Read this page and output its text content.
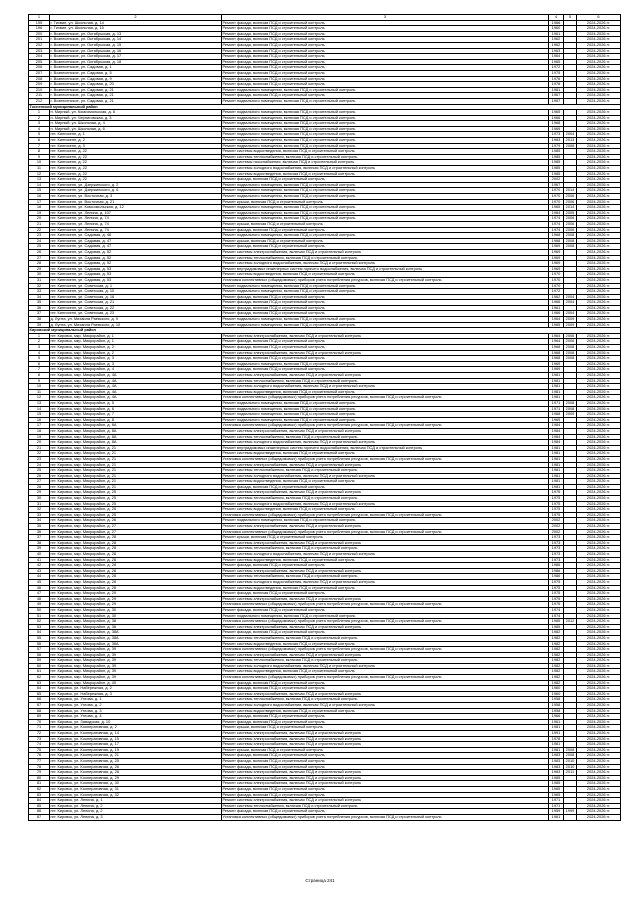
1	2	3	4	5	6
195	г. Тихвин, ул. Школьная, д. 14	Ремонт фасада, включая ПСД и строительный контроль	1966		2024-2026 гг.
196	г. Тихвин, ул. Школьная, д. 15	Ремонт фасада, включая ПСД и строительный контроль	1960		2024-2026 гг.
200	г. Вознесенское, ул. Октябрьская, д. 13	Ремонт фасада, включая ПСД и строительный контроль	1961		2024-2026 гг.
201	г. Вознесенское, ул. Октябрьская, д. 14	Ремонт фасада, включая ПСД и строительный контроль	1962		2024-2026 гг.
202	г. Вознесенское, ул. Октябрьская, д. 15	Ремонт фасада, включая ПСД и строительный контроль	1962		2024-2026 гг.
203	г. Вознесенское, ул. Октябрьская, д. 16	Ремонт фасада, включая ПСД и строительный контроль	1963		2024-2026 гг.
204	г. Вознесенское, ул. Октябрьская, д. 17	Ремонт фасада, включая ПСД и строительный контроль	1964		2024-2026 гг.
205	г. Вознесенское, ул. Октябрьская, д. 18	Ремонт фасада, включая ПСД и строительный контроль	1965		2024-2026 гг.
206	г. Вознесенское, ул. Садовая, д. 1	Ремонт фасада, включая ПСД и строительный контроль	1972		2024-2026 гг.
207	г. Вознесенское, ул. Садовая, д. 5	Ремонт фасада, включая ПСД и строительный контроль	1975		2024-2026 гг.
208	г. Вознесенское, ул. Садовая, д. 9	Ремонт фасада, включая ПСД и строительный контроль	1976		2024-2026 гг.
209	г. Вознесенское, ул. Садовая, д. 20	Ремонт фасада, включая ПСД и строительный контроль	1978		2024-2026 гг.
210	г. Вознесенское, ул. Садовая, д. 21	Ремонт подвального помещения, включая ПСД и строительный контроль	1981		2024-2026 гг.
211	г. Вознесенское, ул. Садовая, д. 21	Ремонт фасада, включая ПСД и строительный контроль	1967		2024-2026 гг.
212	г. Вознесенское, ул. Садовая, д. 21	Ремонт подвального помещения, включая ПСД и строительный контроль	1967		2024-2026 гг.
Тосненский муниципальный район					
1	п. Мирный, ул. Комсомольская, д. 6	Ремонт подвального помещения, включая ПСД и строительный контроль	1965		2024-2026 гг.
2	п. Мирный, ул. Черниговская, д. 3	Ремонт подвального помещения, включая ПСД и строительный контроль	1966		2024-2026 гг.
3	п. Мирный, ул. Школьная, д. 4	Ремонт подвального помещения, включая ПСД и строительный контроль	1968		2024-2026 гг.
4	п. Мирный, ул. Школьная, д. 6	Ремонт подвального помещения, включая ПСД и строительный контроль	1969		2024-2026 гг.
5	пгт. Кингисепп, д. 1	Ремонт подвального помещения, включая ПСД и строительный контроль	1973	2004	2024-2026 гг.
6	пгт. Кингисепп, д. 2	Ремонт подвального помещения, включая ПСД и строительный контроль	1983	2013	2024-2026 гг.
7	пгт. Кингисепп, д. 3	Ремонт подвального помещения, включая ПСД и строительный контроль	1979	2008	2024-2026 гг.
8	пгт. Кингисепп, д. 22	Ремонт системы водоотведения, включая ПСД и строительный контроль	1985		2024-2026 гг.
9	пгт. Кингисепп, д. 22	Ремонт системы теплоснабжения, включая ПСД и строительный контроль	1985		2024-2026 гг.
10	пгт. Кингисепп, д. 22	Ремонт системы газоснабжения, включая ПСД и строительный контроль	1985		2024-2026 гг.
11	пгт. Кингисепп, д. 22	Ремонт системы холодного водоснабжения, включая ПСД и строительный контроль	1985		2024-2026 гг.
12	пгт. Кингисепп, д. 22	Ремонт системы водоотведения, включая ПСД и строительный контроль	1985		2024-2026 гг.
13	пгт. Кингисепп, д. 22	Ремонт фасада, включая ПСД и строительный контроль	2002		2024-2026 гг.
14	пгт. Кингисепп, ул. Дзержинского, д. 2	Ремонт подвального помещения, включая ПСД и строительный контроль	1967		2024-2026 гг.
15	пгт. Кингисепп, ул. Дзержинского, д. 6	Ремонт подвального помещения, включая ПСД и строительный контроль	1970	2014	2024-2026 гг.
16	пгт. Кингисепп, ул. Восточная, д. 3	Ремонт подвального помещения, включая ПСД и строительный контроль	1970	2006	2024-2026 гг.
17	пгт. Кингисепп, ул. Восточная, д. 21	Ремонт крыши, включая ПСД и строительный контроль	1970	2006	2024-2026 гг.
18	пгт. Кингисепп, ул. Комсомольская, д. 12	Ремонт подвального помещения, включая ПСД и строительный контроль	1965	2014	2024-2026 гг.
19	пгт. Кингисепп, ул. Ленина, д. 107	Ремонт подвального помещения, включая ПСД и строительный контроль	1984	2005	2024-2026 гг.
20	пгт. Кингисепп, ул. Ленина, д. 74	Ремонт подвального помещения, включая ПСД и строительный контроль	1974	2006	2024-2026 гг.
21	пгт. Кингисепп, ул. Ленина, д. 74	Ремонт крыши, включая ПСД и строительный контроль	1974	2006	2024-2026 гг.
22	пгт. Кингисепп, ул. Ленина, д. 74	Ремонт фасада, включая ПСД и строительный контроль	1974	2006	2024-2026 гг.
23	пгт. Кингисепп, ул. Садовая, д. 46	Ремонт подвального помещения, включая ПСД и строительный контроль	1968	2008	2024-2026 гг.
24	пгт. Кингисепп, ул. Садовая, д. 47	Ремонт крыши, включая ПСД и строительный контроль	1968	2008	2024-2026 гг.
25	пгт. Кингисепп, ул. Садовая, д. 47	Ремонт фасада, включая ПСД и строительный контроль	1969	2008	2024-2026 гг.
26	пгт. Кингисепп, ул. Садовая, д. 52	Ремонт системы электроснабжения, включая ПСД и строительный контроль	1969		2024-2026 гг.
27	пгт. Кингисепп, ул. Садовая, д. 52	Ремонт системы теплоснабжения, включая ПСД и строительный контроль	1969		2024-2026 гг.
28	пгт. Кингисепп, ул. Садовая, д. 52	Ремонт системы холодного водоснабжения, включая ПСД и строительный контроль	1969		2024-2026 гг.
29	пгт. Кингисепп, ул. Садовая, д. 53	Ремонт внутридомовых инженерных систем горячего водоснабжения, включая ПСД и строительный контроль	1969		2024-2026 гг.
30	пгт. Кингисепп, ул. Садовая, д. 53	Ремонт системы водоотведения, включая ПСД и строительный контроль	1970		2024-2026 гг.
31	пгт. Кингисепп, ул. Садовая, д. 53	Установка коллективных (общедомовых) приборов учета потребления ресурсов, включая ПСД и строительный контроль	1970		2024-2026 гг.
32	пгт. Кингисепп, ул. Советская, д. 1	Ремонт подвального помещения, включая ПСД и строительный контроль	1970		2024-2026 гг.
33	пгт. Кингисепп, ул. Советская, д. 10	Ремонт подвального помещения, включая ПСД и строительный контроль	1972		2024-2026 гг.
34	пгт. Кингисепп, ул. Советская, д. 16	Ремонт фасада, включая ПСД и строительный контроль	1962	2004	2024-2026 гг.
35	пгт. Кингисепп, ул. Советская, д. 21	Ремонт фасада, включая ПСД и строительный контроль	1966	2004	2024-2026 гг.
36	пгт. Кингисепп, ул. Советская, д. 22	Ремонт фасада, включая ПСД и строительный контроль	1961		2024-2026 гг.
37	пгт. Кингисепп, ул. Советская, д. 23	Ремонт фасада, включая ПСД и строительный контроль	1966	2004	2024-2026 гг.
38	д. Лупта, ул. Михаила Раевского, д. 9	Ремонт подвального помещения, включая ПСД и строительный контроль	1964	2009	2024-2026 гг.
39	д. Лупта, ул. Михаила Раевского, д. 10	Ремонт подвального помещения, включая ПСД и строительный контроль	1965	2009	2024-2026 гг.
Кировский муниципальный район					
1	пгт. Кировск, мкр. Микрорайон, д. 1	Ремонт системы электроснабжения, включая ПСД и строительный контроль	1964	2006	2024-2026 гг.
2	пгт. Кировск, мкр. Микрорайон, д. 1	Ремонт фасада, включая ПСД и строительный контроль	1964	2006	2024-2026 гг.
3	пгт. Кировск, мкр. Микрорайон, д. 2	Ремонт фасада, включая ПСД и строительный контроль	1968	2008	2024-2026 гг.
4	пгт. Кировск, мкр. Микрорайон, д. 2	Ремонт системы электроснабжения, включая ПСД и строительный контроль	1968	2008	2024-2026 гг.
5	пгт. Кировск, мкр. Микрорайон, д. 3	Ремонт фасада, включая ПСД и строительный контроль	1968	2008	2024-2026 гг.
6	пгт. Кировск, мкр. Микрорайон, д. 3	Ремонт подвального помещения, включая ПСД и строительный контроль	1969		2024-2026 гг.
7	пгт. Кировск, мкр. Микрорайон, д. 4	Ремонт фасада, включая ПСД и строительный контроль	1969		2024-2026 гг.
8	пгт. Кировск, мкр. Микрорайон, д. 4А	Ремонт системы электроснабжения, включая ПСД и строительный контроль	1981		2024-2026 гг.
9	пгт. Кировск, мкр. Микрорайон, д. 4А	Ремонт системы теплоснабжения, включая ПСД и строительный контроль	1981		2024-2026 гг.
10	пгт. Кировск, мкр. Микрорайон, д. 4А	Ремонт системы холодного водоснабжения, включая ПСД и строительный контроль	1981		2024-2026 гг.
11	пгт. Кировск, мкр. Микрорайон, д. 4А	Ремонт системы водоотведения, включая ПСД и строительный контроль	1981		2024-2026 гг.
12	пгт. Кировск, мкр. Микрорайон, д. 4А	Установка коллективных (общедомовых) приборов учета потребления ресурсов, включая ПСД и строительный контроль	1981		2024-2026 гг.
13	пгт. Кировск, мкр. Микрорайон, д. 5	Ремонт подвального помещения, включая ПСД и строительный контроль	1971	2008	2024-2026 гг.
14	пгт. Кировск, мкр. Микрорайон, д. 6	Ремонт подвального помещения, включая ПСД и строительный контроль	1971	2008	2024-2026 гг.
15	пгт. Кировск, мкр. Микрорайон, д. 7	Ремонт подвального помещения, включая ПСД и строительный контроль	1968	2009	2024-2026 гг.
16	пгт. Кировск, мкр. Микрорайон, д. 8	Ремонт подвального помещения, включая ПСД и строительный контроль	1969		2024-2026 гг.
17	пгт. Кировск, мкр. Микрорайон, д. 8А	Установка коллективных (общедомовых) приборов учета потребления ресурсов, включая ПСД и строительный контроль	1984		2024-2026 гг.
18	пгт. Кировск, мкр. Микрорайон, д. 8А	Ремонт системы электроснабжения, включая ПСД и строительный контроль	1984		2024-2026 гг.
19	пгт. Кировск, мкр. Микрорайон, д. 8А	Ремонт системы теплоснабжения, включая ПСД и строительный контроль	1984		2024-2026 гг.
20	пгт. Кировск, мкр. Микрорайон, д. 8А	Ремонт системы холодного водоснабжения, включая ПСД и строительный контроль	1984		2024-2026 гг.
21	пгт. Кировск, мкр. Микрорайон, д. 21	Ремонт внутридомовых инженерных систем горячего водоснабжения, включая ПСД и строительный контроль	1981		2024-2026 гг.
22	пгт. Кировск, мкр. Микрорайон, д. 21	Ремонт системы водоотведения, включая ПСД и строительный контроль	1981		2024-2026 гг.
23	пгт. Кировск, мкр. Микрорайон, д. 21	Установка коллективных (общедомовых) приборов учета потребления ресурсов, включая ПСД и строительный контроль	1981		2024-2026 гг.
24	пгт. Кировск, мкр. Микрорайон, д. 21	Ремонт системы электроснабжения, включая ПСД и строительный контроль	1981		2024-2026 гг.
25	пгт. Кировск, мкр. Микрорайон, д. 21	Ремонт системы теплоснабжения, включая ПСД и строительный контроль	1981		2024-2026 гг.
26	пгт. Кировск, мкр. Микрорайон, д. 21	Ремонт системы холодного водоснабжения, включая ПСД и строительный контроль	1981		2024-2026 гг.
27	пгт. Кировск, мкр. Микрорайон, д. 21	Ремонт системы водоотведения, включая ПСД и строительный контроль	1981		2024-2026 гг.
28	пгт. Кировск, мкр. Микрорайон, д. 21	Ремонт фасада, включая ПСД и строительный контроль	1981		2024-2026 гг.
29	пгт. Кировск, мкр. Микрорайон, д. 25	Ремонт системы электроснабжения, включая ПСД и строительный контроль	1975		2024-2026 гг.
30	пгт. Кировск, мкр. Микрорайон, д. 25	Ремонт системы теплоснабжения, включая ПСД и строительный контроль	1975		2024-2026 гг.
31	пгт. Кировск, мкр. Микрорайон, д. 25	Ремонт системы холодного водоснабжения, включая ПСД и строительный контроль	1975		2024-2026 гг.
32	пгт. Кировск, мкр. Микрорайон, д. 25	Ремонт системы водоотведения, включая ПСД и строительный контроль	1975		2024-2026 гг.
33	пгт. Кировск, мкр. Микрорайон, д. 25	Установка коллективных (общедомовых) приборов учета потребления ресурсов, включая ПСД и строительный контроль	1975		2024-2026 гг.
34	пгт. Кировск, мкр. Микрорайон, д. 26	Ремонт подвального помещения, включая ПСД и строительный контроль	2002		2024-2026 гг.
35	пгт. Кировск, мкр. Микрорайон, д. 27	Ремонт системы электроснабжения, включая ПСД и строительный контроль	2002		2024-2026 гг.
36	пгт. Кировск, мкр. Микрорайон, д. 27	Установка коллективных (общедомовых) приборов учета потребления ресурсов, включая ПСД и строительный контроль	2002		2024-2026 гг.
37	пгт. Кировск, мкр. Микрорайон, д. 28	Ремонт крыши, включая ПСД и строительный контроль	1973		2024-2026 гг.
38	пгт. Кировск, мкр. Микрорайон, д. 28	Ремонт системы электроснабжения, включая ПСД и строительный контроль	1973		2024-2026 гг.
39	пгт. Кировск, мкр. Микрорайон, д. 28	Ремонт системы теплоснабжения, включая ПСД и строительный контроль	1973		2024-2026 гг.
40	пгт. Кировск, мкр. Микрорайон, д. 28	Ремонт системы холодного водоснабжения, включая ПСД и строительный контроль	1973		2024-2026 гг.
41	пгт. Кировск, мкр. Микрорайон, д. 28	Ремонт системы водоотведения, включая ПСД и строительный контроль	1973		2024-2026 гг.
42	пгт. Кировск, мкр. Микрорайон, д. 28	Ремонт фасада, включая ПСД и строительный контроль	1986		2024-2026 гг.
43	пгт. Кировск, мкр. Микрорайон, д. 28	Ремонт системы электроснабжения, включая ПСД и строительный контроль	1986		2024-2026 гг.
44	пгт. Кировск, мкр. Микрорайон, д. 28	Ремонт системы теплоснабжения, включая ПСД и строительный контроль	1986		2024-2026 гг.
45	пгт. Кировск, мкр. Микрорайон, д. 28	Ремонт системы холодного водоснабжения, включая ПСД и строительный контроль	1975		2024-2026 гг.
46	пгт. Кировск, мкр. Микрорайон, д. 28	Ремонт системы водоотведения, включая ПСД и строительный контроль	1975		2024-2026 гг.
47	пгт. Кировск, мкр. Микрорайон, д. 29	Ремонт фасада, включая ПСД и строительный контроль	1975		2024-2026 гг.
48	пгт. Кировск, мкр. Микрорайон, д. 29	Ремонт системы электроснабжения, включая ПСД и строительный контроль	1975		2024-2026 гг.
49	пгт. Кировск, мкр. Микрорайон, д. 29	Установка коллективных (общедомовых) приборов учета потребления ресурсов, включая ПСД и строительный контроль	1975		2024-2026 гг.
50	пгт. Кировск, мкр. Микрорайон, д. 30	Ремонт фасада, включая ПСД и строительный контроль	1974		2024-2026 гг.
51	пгт. Кировск, мкр. Микрорайон, д. 30	Ремонт подвального помещения, включая ПСД и строительный контроль	1974		2024-2026 гг.
52	пгт. Кировск, мкр. Микрорайон, д. 38	Установка коллективных (общедомовых) приборов учета потребления ресурсов, включая ПСД и строительный контроль	1985	2012	2024-2026 гг.
53	пгт. Кировск, мкр. Микрорайон, д. 38	Ремонт системы электроснабжения, включая ПСД и строительный контроль	1985		2024-2026 гг.
54	пгт. Кировск, мкр. Микрорайон, д. 38А	Ремонт фасада, включая ПСД и строительный контроль	1982		2024-2026 гг.
55	пгт. Кировск, мкр. Микрорайон, д. 38А	Ремонт системы теплоснабжения, включая ПСД и строительный контроль	1982		2024-2026 гг.
56	пгт. Кировск, мкр. Микрорайон, д. 38А	Ремонт системы водоотведения, включая ПСД и строительный контроль	1982		2024-2026 гг.
57	пгт. Кировск, мкр. Микрорайон, д. 39	Установка коллективных (общедомовых) приборов учета потребления ресурсов, включая ПСД и строительный контроль	1982		2024-2026 гг.
58	пгт. Кировск, мкр. Микрорайон, д. 39	Ремонт системы электроснабжения, включая ПСД и строительный контроль	1982		2024-2026 гг.
59	пгт. Кировск, мкр. Микрорайон, д. 39	Ремонт системы теплоснабжения, включая ПСД и строительный контроль	1982		2024-2026 гг.
60	пгт. Кировск, мкр. Микрорайон, д. 39	Ремонт системы холодного водоснабжения, включая ПСД и строительный контроль	1982		2024-2026 гг.
61	пгт. Кировск, мкр. Микрорайон, д. 39	Ремонт системы водоотведения, включая ПСД и строительный контроль	1982		2024-2026 гг.
62	пгт. Кировск, мкр. Микрорайон, д. 39	Установка коллективных (общедомовых) приборов учета потребления ресурсов, включая ПСД и строительный контроль	1982		2024-2026 гг.
63	пгт. Кировск, мкр. Микрорайон, д. 40	Ремонт фасада, включая ПСД и строительный контроль	1982		2024-2026 гг.
64	пгт. Кировск, ул. Набережная, д. 2	Ремонт фасада, включая ПСД и строительный контроль	1960		2024-2026 гг.
65	пгт. Кировск, ул. Набережная, д. 3	Ремонт системы электроснабжения, включая ПСД и строительный контроль	1960		2024-2026 гг.
66	пгт. Кировск, ул. Углова, д. 1	Ремонт системы теплоснабжения, включая ПСД и строительный контроль	1958		2024-2026 гг.
67	пгт. Кировск, ул. Углова, д. 2	Ремонт системы холодного водоснабжения, включая ПСД и строительный контроль	1958		2024-2026 гг.
68	пгт. Кировск, ул. Углова, д. 3	Ремонт системы водоотведения, включая ПСД и строительный контроль	1958		2024-2026 гг.
69	пгт. Кировск, ул. Углова, д. 4	Ремонт фасада, включая ПСД и строительный контроль	1966		2024-2026 гг.
70	пгт. Кировск, ул. Заводская, д. 10	Ремонт фасада, включая ПСД и строительный контроль	1961		2024-2026 гг.
71	пгт. Кировск, ул. Кооперативная, д. 2	Ремонт крыши, включая ПСД и строительный контроль	1981		2024-2026 гг.
72	пгт. Кировск, ул. Кооперативная, д. 14	Ремонт системы электроснабжения, включая ПСД и строительный контроль	1991		2024-2026 гг.
73	пгт. Кировск, ул. Кооперативная, д. 15	Ремонт системы электроснабжения, включая ПСД и строительный контроль	1978		2024-2026 гг.
74	пгт. Кировск, ул. Кооперативная, д. 17	Ремонт системы электроснабжения, включая ПСД и строительный контроль	1981		2024-2026 гг.
75	пгт. Кировск, ул. Кооперативная, д. 19	Ремонт крыши, включая ПСД и строительный контроль	1981	2008	2024-2026 гг.
76	пгт. Кировск, ул. Кооперативная, д. 21	Ремонт фасада, включая ПСД и строительный контроль	1983	2008	2024-2026 гг.
77	пгт. Кировск, ул. Кооперативная, д. 25	Ремонт фасада, включая ПСД и строительный контроль	1983	2010	2024-2026 гг.
78	пгт. Кировск, ул. Кооперативная, д. 26	Ремонт фасада, включая ПСД и строительный контроль	1983	2010	2024-2026 гг.
79	пгт. Кировск, ул. Кооперативная, д. 28	Ремонт системы электроснабжения, включая ПСД и строительный контроль	1983	2011	2024-2026 гг.
80	пгт. Кировск, ул. Кооперативная, д. 29	Ремонт системы электроснабжения, включая ПСД и строительный контроль	1985		2024-2026 гг.
81	пгт. Кировск, ул. Кооперативная, д. 30	Ремонт системы электроснабжения, включая ПСД и строительный контроль	1985		2024-2026 гг.
82	пгт. Кировск, ул. Кооперативная, д. 31	Ремонт фасада, включая ПСД и строительный контроль	1965		2024-2026 гг.
83	пгт. Кировск, ул. Кооперативная, д. 32	Ремонт фасада, включая ПСД и строительный контроль	1965		2024-2026 гг.
84	пгт. Кировск, ул. Ленина, д. 1	Ремонт системы электроснабжения, включая ПСД и строительный контроль	1971		2024-2026 гг.
85	пгт. Кировск, ул. Ленина, д. 2	Ремонт системы теплоснабжения, включая ПСД и строительный контроль	1971		2024-2026 гг.
86	пгт. Кировск, ул. Ленина, д. 2	Ремонт фасада, включая ПСД и строительный контроль	1959	1999	2024-2026 гг.
87	пгт. Кировск, ул. Ленина, д. 3	Установка коллективных (общедомовых) приборов учета потребления ресурсов, включая ПСД и строительный контроль	1961		2024-2026 гг.
Страница 241
